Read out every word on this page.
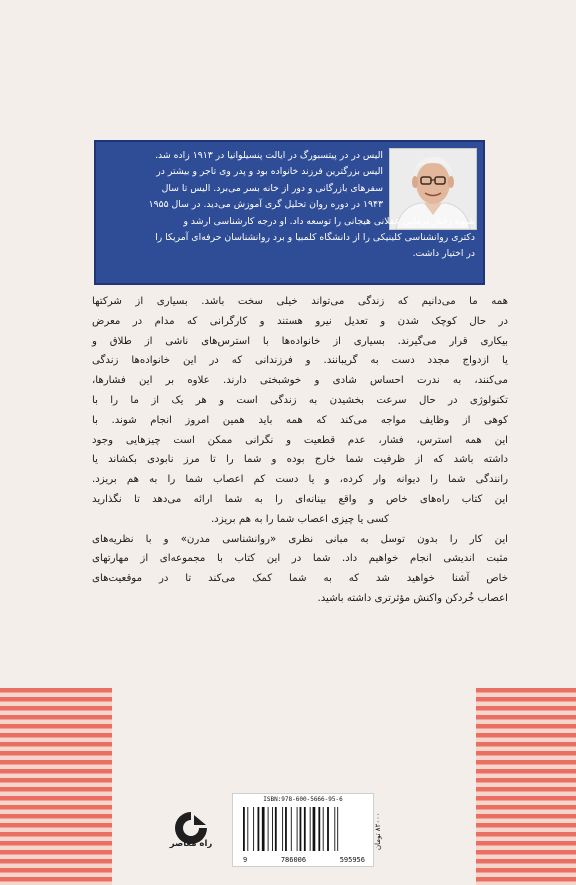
الیس در در پیتسبورگ در ایالت پنسیلوانیا در ۱۹۱۳ زاده شد.
الیس بزرگترین فرزند خانواده بود و پدر وی تاجر و بیشتر در
سفرهای بازرگانی و دور از خانه بسر می‌برد. الیس تا سال
۱۹۴۳ در دوره روان تحلیل گری آموزش می‌دید. در سال ۱۹۵۵
شیوه رفتار درمانی عقلانی هیجانی را توسعه داد. او درجه کارشناسی ارشد و
دکتری روانشناسی کلینیکی را از دانشگاه کلمبیا و برد روانشناسان حرفه‌ای آمریکا را
در اختیار داشت.
همه ما می‌دانیم که زندگی می‌تواند خیلی سخت باشد. بسیاری از شرکتها
در حال کوچک شدن و تعدیل نیرو هستند و کارگرانی که مدام در معرض
بیکاری قرار می‌گیرند. بسیاری از خانواده‌ها با استرس‌های ناشی از طلاق و
یا ازدواج مجدد دست به گریبانند. و فرزندانی که در این خانواده‌ها زندگی
می‌کنند، به ندرت احساس شادی و خوشبختی دارند. علاوه بر این فشارها،
تکنولوژی در حال سرعت بخشیدن به زندگی است و هر یک از ما را با
کوهی از وظایف مواجه می‌کند که همه باید همین امروز انجام شوند. با
این همه استرس، فشار، عدم قطعیت و نگرانی ممکن است چیزهایی وجود
داشته باشد که از ظرفیت شما خارج بوده و شما را تا مرز نابودی بکشاند یا
رانندگی شما را دیوانه وار کرده، و یا دست کم اعصاب شما را به هم بریزد.
این کتاب راه‌های خاص و واقع بینانه‌ای را به شما ارائه می‌دهد تا نگذارید
کسی یا چیزی اعصاب شما را به هم بریزد.
این کار را بدون توسل به مبانی نظری «روانشناسی مدرن» و با نظریه‌های
مثبت اندیشی انجام خواهیم داد. شما در این کتاب با مجموعه‌ای از مهارتهای
خاص آشنا خواهید شد که به شما کمک می‌کند تا در موقعیت‌های
اعصاب خُردکن واکنش مؤثرتری داشته باشید.
راه معاصر
ISBN:978-600-5666-95-6
9	786006	595956
۸۲۰۰۰ تومان
